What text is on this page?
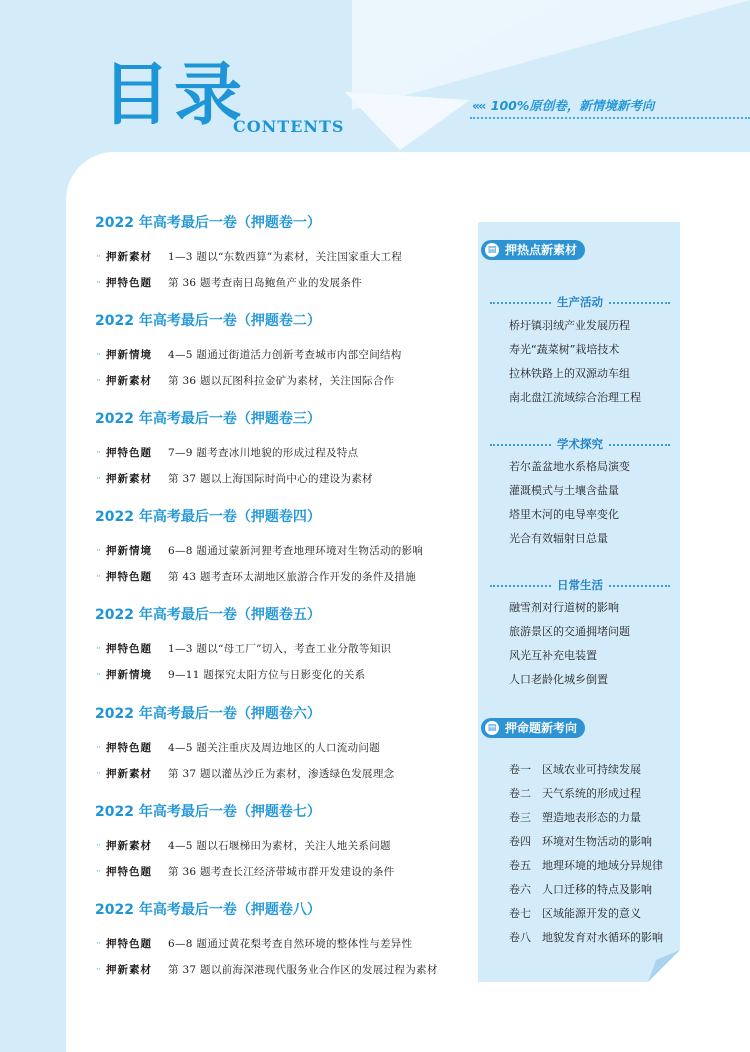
目录
CONTENTS
«‹‹ 100%原创卷，新情境新考向
2022 年高考最后一卷（押题卷一）
·· 押新素材	1—3 题以“东数西算”为素材，关注国家重大工程
·· 押特色题	第 36 题考查南日岛鲍鱼产业的发展条件
2022 年高考最后一卷（押题卷二）
·· 押新情境	4—5 题通过街道活力创新考查城市内部空间结构
·· 押新素材	第 36 题以瓦图科拉金矿为素材，关注国际合作
2022 年高考最后一卷（押题卷三）
·· 押特色题	7—9 题考查冰川地貌的形成过程及特点
·· 押新素材	第 37 题以上海国际时尚中心的建设为素材
2022 年高考最后一卷（押题卷四）
·· 押新情境	6—8 题通过蒙新河狸考查地理环境对生物活动的影响
·· 押特色题	第 43 题考查环太湖地区旅游合作开发的条件及措施
2022 年高考最后一卷（押题卷五）
·· 押特色题	1—3 题以“母工厂”切入，考查工业分散等知识
·· 押新情境	9—11 题探究太阳方位与日影变化的关系
2022 年高考最后一卷（押题卷六）
·· 押特色题	4—5 题关注重庆及周边地区的人口流动问题
·· 押新素材	第 37 题以灌丛沙丘为素材，渗透绿色发展理念
2022 年高考最后一卷（押题卷七）
·· 押新素材	4—5 题以石堰梯田为素材，关注人地关系问题
·· 押特色题	第 36 题考查长江经济带城市群开发建设的条件
2022 年高考最后一卷（押题卷八）
·· 押特色题	6—8 题通过黄花梨考查自然环境的整体性与差异性
·· 押新素材	第 37 题以前海深港现代服务业合作区的发展过程为素材
▤ 押热点新素材
生产活动
桥圩镇羽绒产业发展历程
寿光“蔬菜树”栽培技术
拉林铁路上的双源动车组
南北盘江流域综合治理工程
学术探究
若尔盖盆地水系格局演变
灌溉模式与土壤含盐量
塔里木河的电导率变化
光合有效辐射日总量
日常生活
融雪剂对行道树的影响
旅游景区的交通拥堵问题
风光互补充电装置
人口老龄化城乡倒置
▤ 押命题新考向
卷一 区域农业可持续发展
卷二 天气系统的形成过程
卷三 塑造地表形态的力量
卷四 环境对生物活动的影响
卷五 地理环境的地域分异规律
卷六 人口迁移的特点及影响
卷七 区域能源开发的意义
卷八 地貌发育对水循环的影响
